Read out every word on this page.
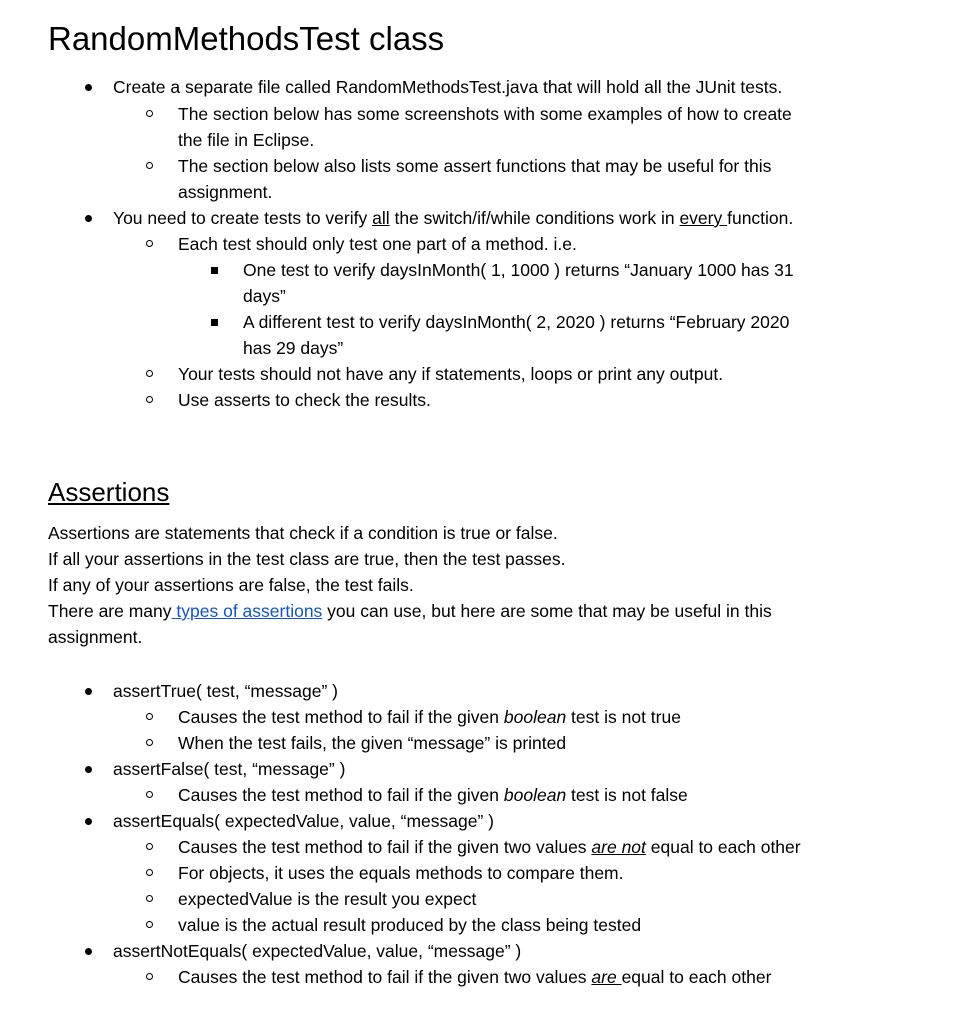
RandomMethodsTest class
Create a separate file called RandomMethodsTest.java that will hold all the JUnit tests.
The section below has some screenshots with some examples of how to create
the file in Eclipse.
The section below also lists some assert functions that may be useful for this
assignment.
You need to create tests to verify all the switch/if/while conditions work in every function.
Each test should only test one part of a method. i.e.
One test to verify daysInMonth( 1, 1000 ) returns “January 1000 has 31
days”
A different test to verify daysInMonth( 2, 2020 ) returns “February 2020
has 29 days”
Your tests should not have any if statements, loops or print any output.
Use asserts to check the results.
Assertions
Assertions are statements that check if a condition is true or false.
If all your assertions in the test class are true, then the test passes.
If any of your assertions are false, the test fails.
There are many types of assertions you can use, but here are some that may be useful in this
assignment.
assertTrue( test, “message” )
Causes the test method to fail if the given boolean test is not true
When the test fails, the given “message” is printed
assertFalse( test, “message” )
Causes the test method to fail if the given boolean test is not false
assertEquals( expectedValue, value, “message” )
Causes the test method to fail if the given two values are not equal to each other
For objects, it uses the equals methods to compare them.
expectedValue is the result you expect
value is the actual result produced by the class being tested
assertNotEquals( expectedValue, value, “message” )
Causes the test method to fail if the given two values are equal to each other
